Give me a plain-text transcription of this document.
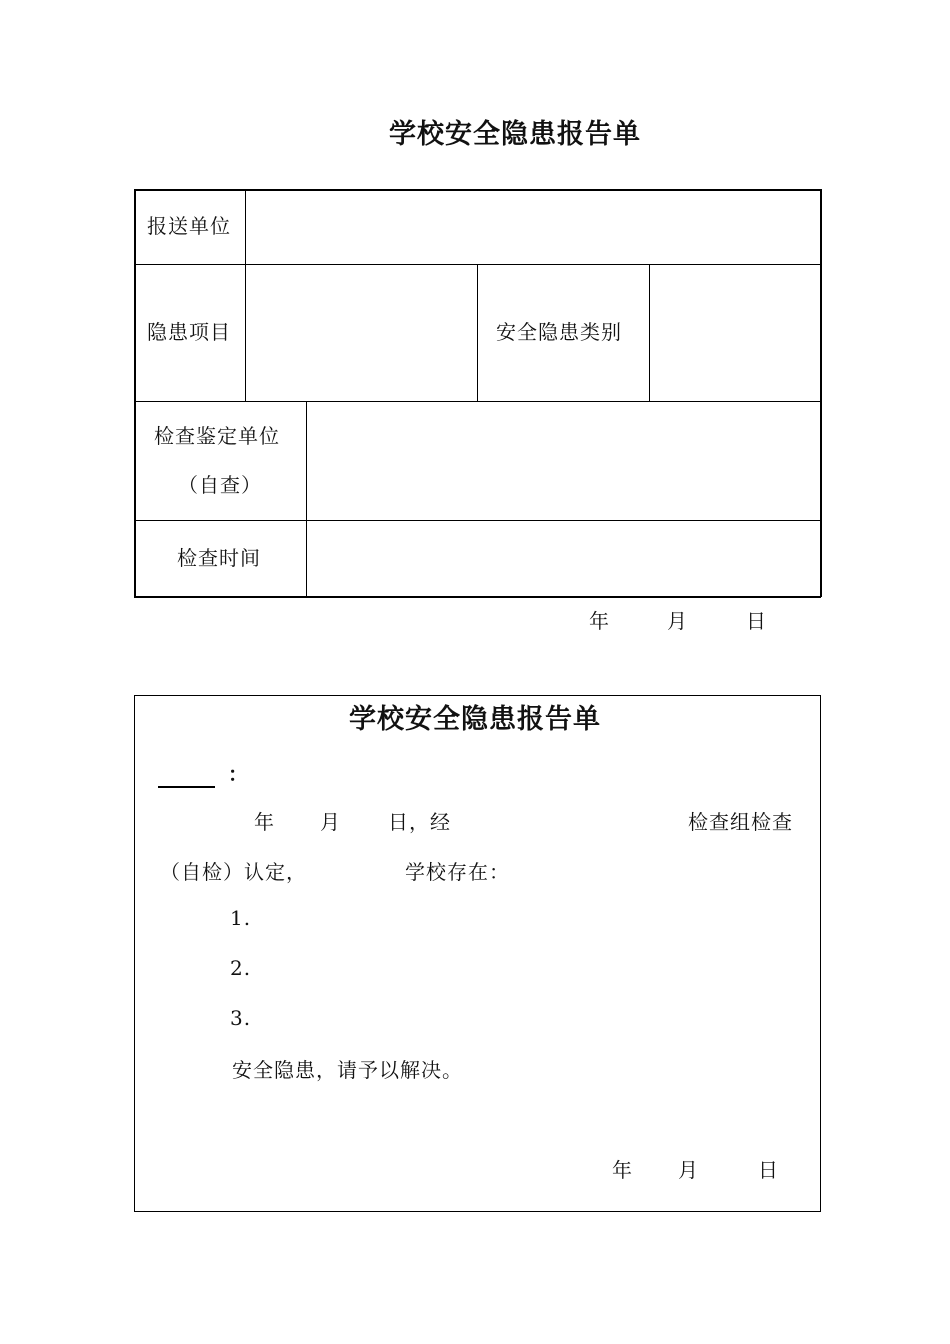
学校安全隐患报告单
报送单位
隐患项目	安全隐患类别
检查鉴定单位
（自查）
检查时间
年	月	日
学校安全隐患报告单
：
年 月 日，经	检查组检查
（自检）认定，	学校存在：
1.
2.
3.
安全隐患，请予以解决。
年 月	日
